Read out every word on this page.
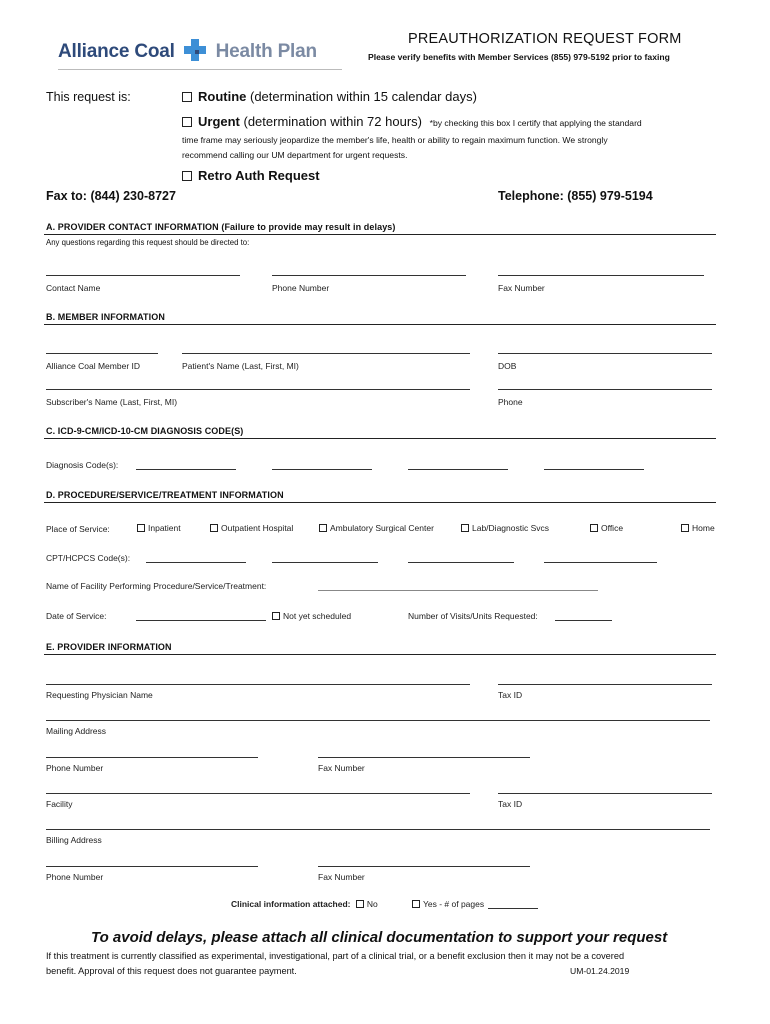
Alliance Coal Health Plan
PREAUTHORIZATION REQUEST FORM
Please verify benefits with Member Services (855) 979-5192 prior to faxing
This request is:	Routine (determination within 15 calendar days)
Urgent (determination within 72 hours) *by checking this box I certify that applying the standard
time frame may seriously jeopardize the member's life, health or ability to regain maximum function. We strongly
recommend calling our UM department for urgent requests.
Retro Auth Request
Fax to: (844) 230-8727	Telephone: (855) 979-5194
A. PROVIDER CONTACT INFORMATION (Failure to provide may result in delays)
Any questions regarding this request should be directed to:
Contact Name	Phone Number	Fax Number
B. MEMBER INFORMATION
Alliance Coal Member ID	Patient's Name (Last, First, MI)	DOB
Subscriber's Name (Last, First, MI)	Phone
C. ICD-9-CM/ICD-10-CM DIAGNOSIS CODE(S)
Diagnosis Code(s):
D. PROCEDURE/SERVICE/TREATMENT INFORMATION
Place of Service:	Inpatient	Outpatient Hospital	Ambulatory Surgical Center	Lab/Diagnostic Svcs	Office	Home
CPT/HCPCS Code(s):
Name of Facility Performing Procedure/Service/Treatment:
Date of Service:	Not yet scheduled	Number of Visits/Units Requested:
E. PROVIDER INFORMATION
Requesting Physician Name	Tax ID
Mailing Address
Phone Number	Fax Number
Facility	Tax ID
Billing Address
Phone Number	Fax Number
Clinical information attached: No	Yes - # of pages
To avoid delays, please attach all clinical documentation to support your request
If this treatment is currently classified as experimental, investigational, part of a clinical trial, or a benefit exclusion then it may not be a covered
benefit. Approval of this request does not guarantee payment.	UM-01.24.2019
